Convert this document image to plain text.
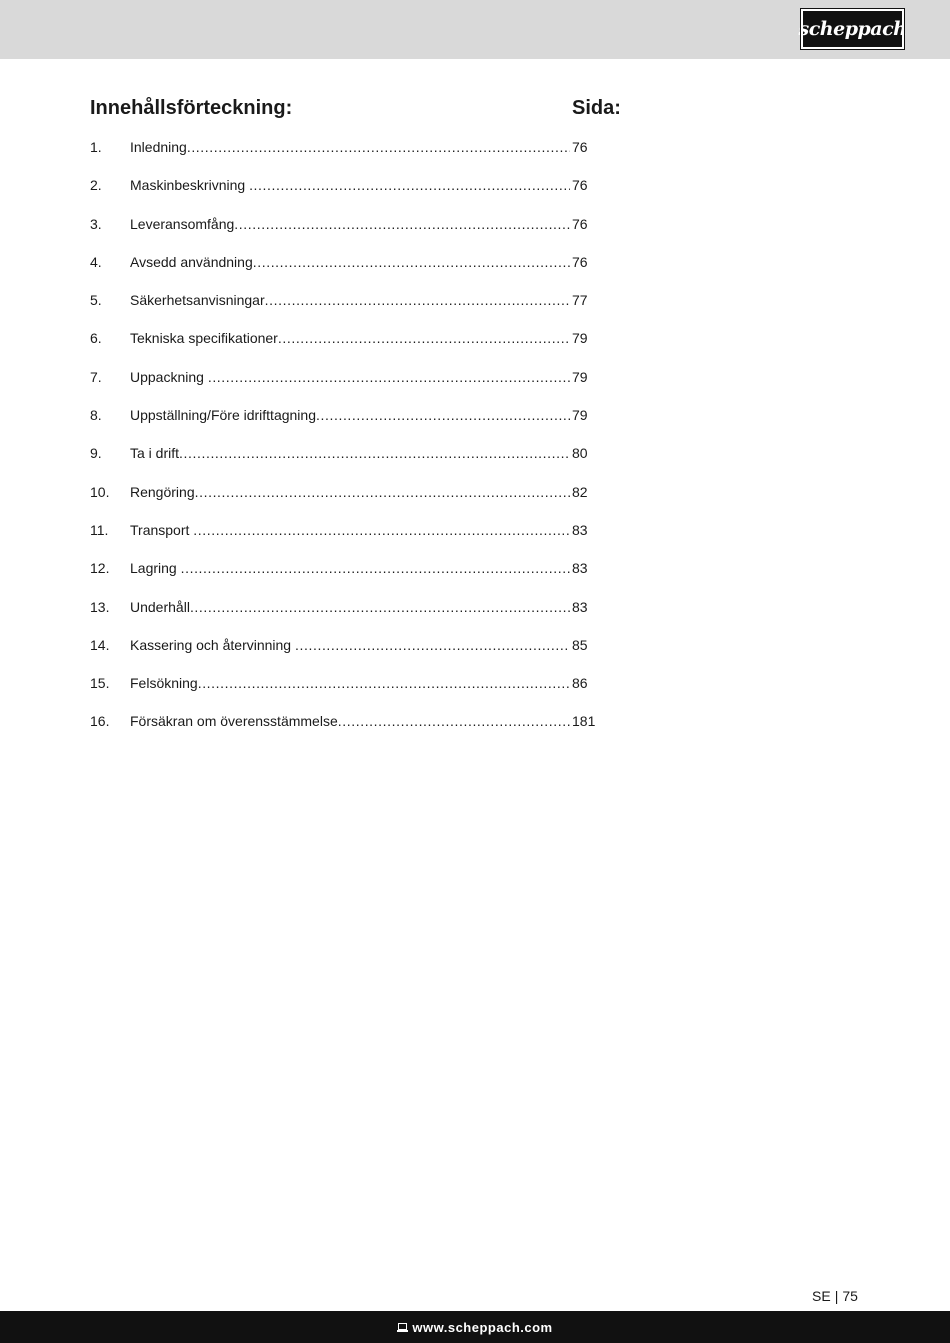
scheppach
Innehållsförteckning:	Sida:
1.	Inledning .....	76
2.	Maskinbeskrivning .....	76
3.	Leveransomfång .....	76
4.	Avsedd användning .....	76
5.	Säkerhetsanvisningar .....	77
6.	Tekniska specifikationer .....	79
7.	Uppackning .....	79
8.	Uppställning/Före idrifttagning .....	79
9.	Ta i drift .....	80
10.	Rengöring .....	82
11.	Transport .....	83
12.	Lagring .....	83
13.	Underhåll .....	83
14.	Kassering och återvinning .....	85
15.	Felsökning .....	86
16.	Försäkran om överensstämmelse .....	181
SE | 75
www.scheppach.com
